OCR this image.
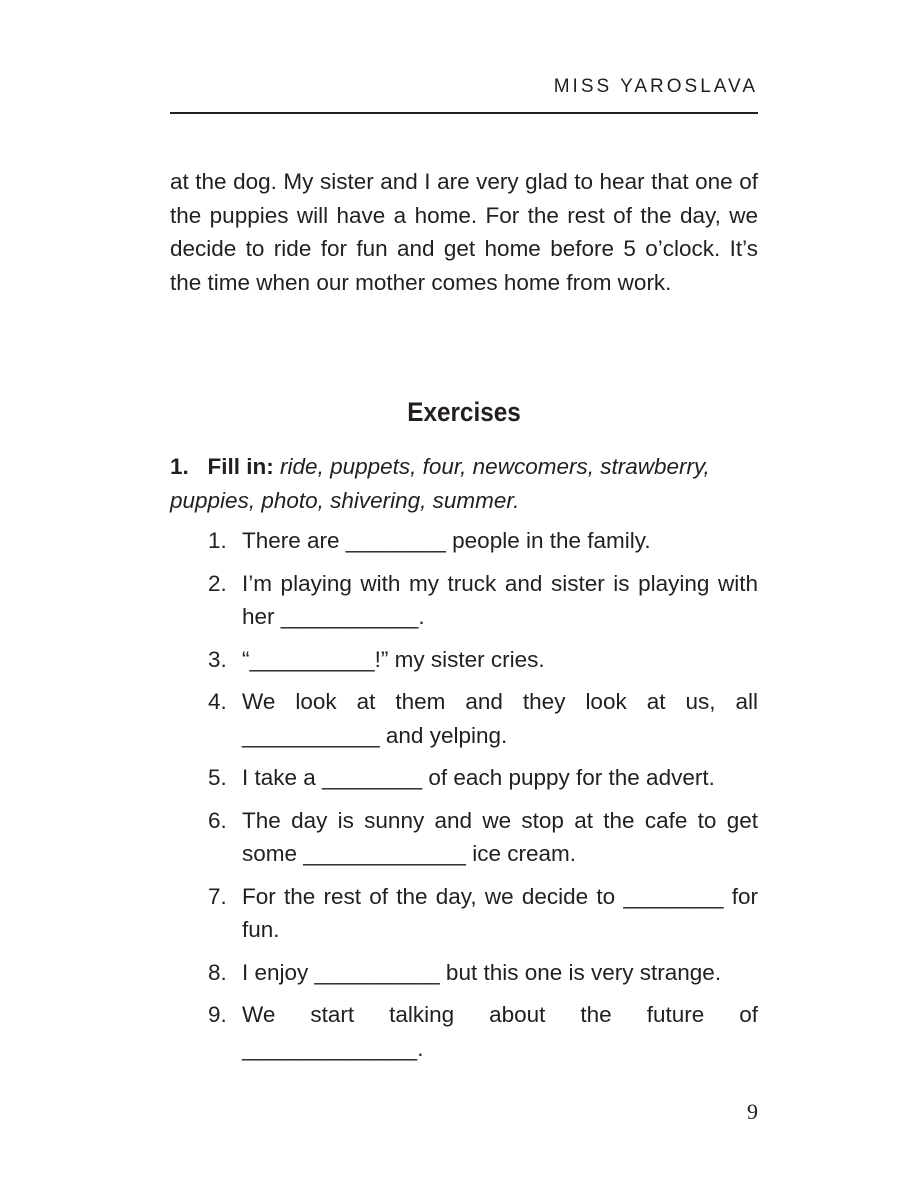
MISS YAROSLAVA

at the dog. My sister and I are very glad to hear that one of the puppies will have a home. For the rest of the day, we decide to ride for fun and get home before 5 o’clock. It’s the time when our mother comes home from work.

Exercises

1. Fill in: ride, puppets, four, newcomers, strawberry, puppies, photo, shivering, summer.

1. There are ________ people in the family.
2. I’m playing with my truck and sister is playing with her ___________.
3. “__________!” my sister cries.
4. We look at them and they look at us, all ___________ and yelping.
5. I take a ________ of each puppy for the advert.
6. The day is sunny and we stop at the cafe to get some _____________ ice cream.
7. For the rest of the day, we decide to ________ for fun.
8. I enjoy __________ but this one is very strange.
9. We start talking about the future of ______________.
9
